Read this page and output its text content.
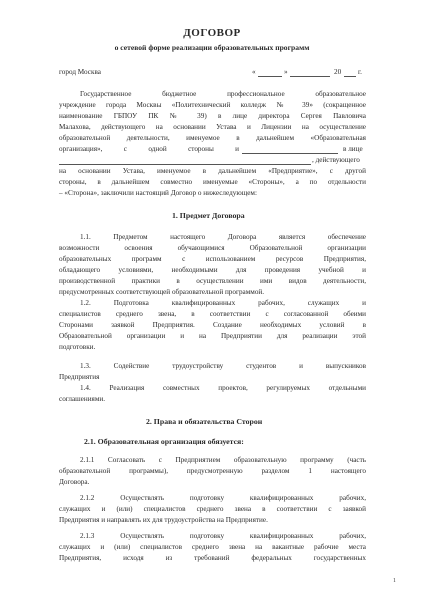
ДОГОВОР
о сетевой форме реализации образовательных программ
город Москва	«	»	20 г.
Государственное бюджетное профессиональное образовательное
учреждение города Москвы «Политехнический колледж № 39» (сокращенное
наименование ГБПОУ ПК № 39) в лице директора Сергея Павловича
Малахова, действующего на основании Устава и Лицензии на осуществление
образовательной деятельности, именуемое в дальнейшем «Образовательная
организация», с одной стороны и	в лице
, действующего
на основании Устава, именуемое в дальнейшем «Предприятие», с другой
стороны, в дальнейшем совместно именуемые «Стороны», а по отдельности
– «Сторона», заключили настоящий Договор о нижеследующем:
1. Предмет Договора
1.1. Предметом настоящего Договора является обеспечение
возможности освоения обучающимися Образовательной организации
образовательных программ с использованием ресурсов Предприятия,
обладающего условиями, необходимыми для проведения учебной и
производственной практики в осуществлении ими видов деятельности,
предусмотренных соответствующей образовательной программой.
1.2. Подготовка квалифицированных рабочих, служащих и
специалистов среднего звена, в соответствии с согласованной обеими
Сторонами заявкой Предприятия. Создание необходимых условий в
Образовательной организации и на Предприятии для реализации этой
подготовки.
1.3. Содействие трудоустройству студентов и выпускников
Предприятия
1.4. Реализация совместных проектов, регулируемых отдельными
соглашениями.
2. Права и обязательства Сторон
2.1. Образовательная организация обязуется:
2.1.1 Согласовать с Предприятием образовательную программу (часть
образовательной программы), предусмотренную разделом 1 настоящего
Договора.
2.1.2 Осуществлять подготовку квалифицированных рабочих,
служащих и (или) специалистов среднего звена в соответствии с заявкой
Предприятия и направлять их для трудоустройства на Предприятие.
2.1.3 Осуществлять подготовку квалифицированных рабочих,
служащих и (или) специалистов среднего звена на вакантные рабочие места
Предприятия, исходя из требований федеральных государственных
1
